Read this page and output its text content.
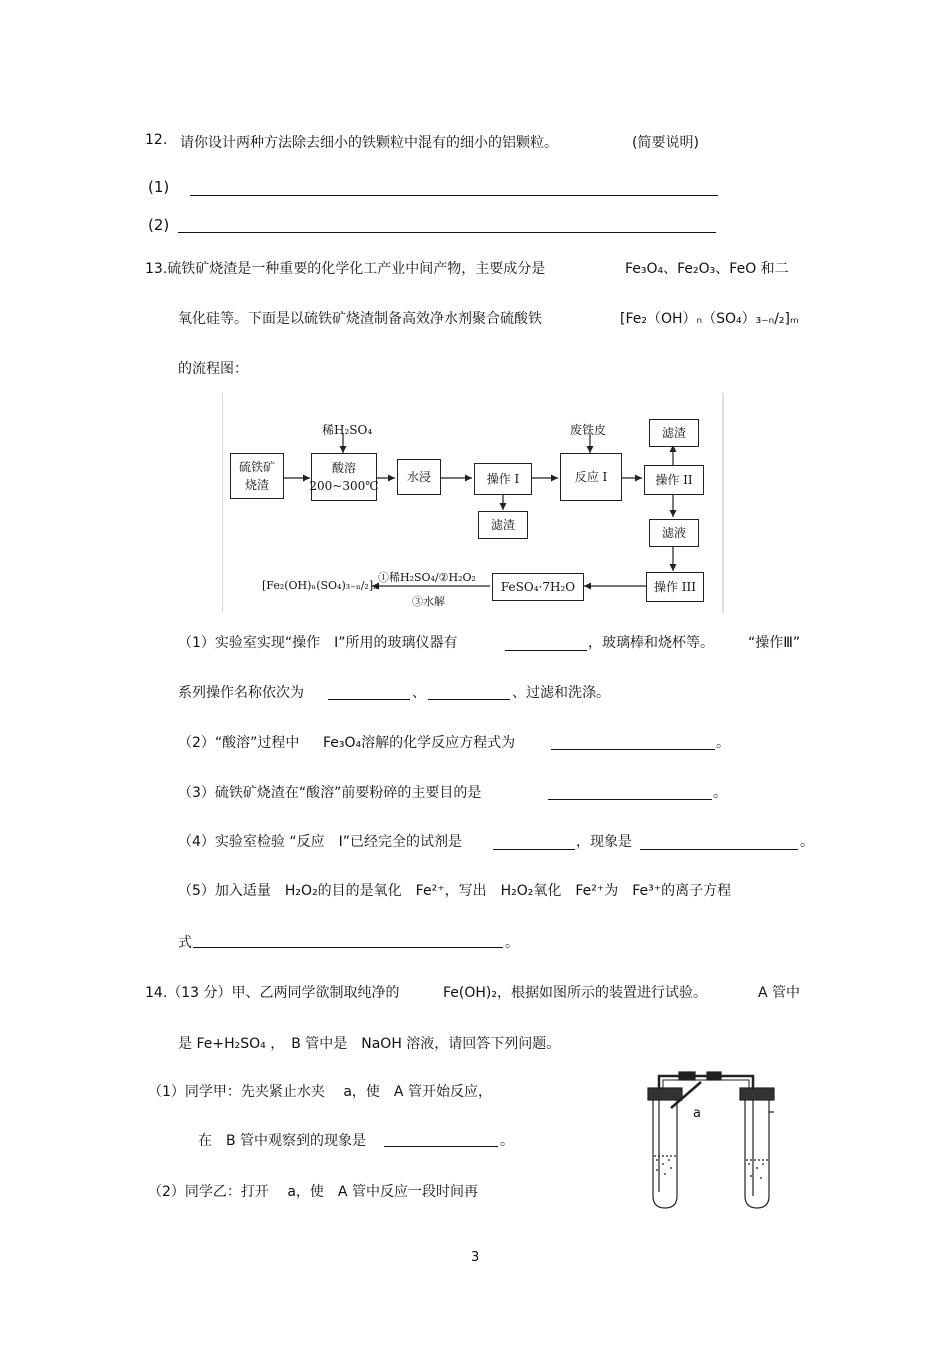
12. 请你设计两种方法除去细小的铁颗粒中混有的细小的铝颗粒。	(简要说明)
(1)
(2)
13.硫铁矿烧渣是一种重要的化学化工产业中间产物，主要成分是	Fe₃O₄、Fe₂O₃、FeO 和二
氧化硅等。下面是以硫铁矿烧渣制备高效净水剂聚合硫酸铁	[Fe₂（OH）ₙ（SO₄）₃₋ₙ/₂]ₘ
的流程图：
硫铁矿
烧渣
稀H₂SO₄
酸溶
200~300℃
水浸	操作 I
滤渣
废铁皮
反应 I
滤渣
操作 II
滤液
操作 III
FeSO₄·7H₂O
①稀H₂SO₄/②H₂O₂
③水解
[Fe₂(OH)ₙ(SO₄)₃₋ₙ/₂]ₘ
（1）实验室实现“操作　I”所用的玻璃仪器有	，玻璃棒和烧杯等。 “操作Ⅲ”
系列操作名称依次为	、	、过滤和洗涤。
（2）“酸溶”过程中 Fe₃O₄溶解的化学反应方程式为	。
（3）硫铁矿烧渣在“酸溶”前要粉碎的主要目的是	。
（4）实验室检验 “反应　I”已经完全的试剂是	，现象是	。
（5）加入适量　H₂O₂的目的是氧化　Fe²⁺，写出　H₂O₂氧化　Fe²⁺为　Fe³⁺的离子方程
式	。
14.（13 分）甲、乙两同学欲制取纯净的	Fe(OH)₂，根据如图所示的装置进行试验。	A 管中
是 Fe+H₂SO₄ ，　B 管中是　NaOH 溶液，请回答下列问题。
（1）同学甲：先夹紧止水夹　 a，使　A 管开始反应，
在　B 管中观察到的现象是	。
（2）同学乙：打开　 a，使　A 管中反应一段时间再
a
3
